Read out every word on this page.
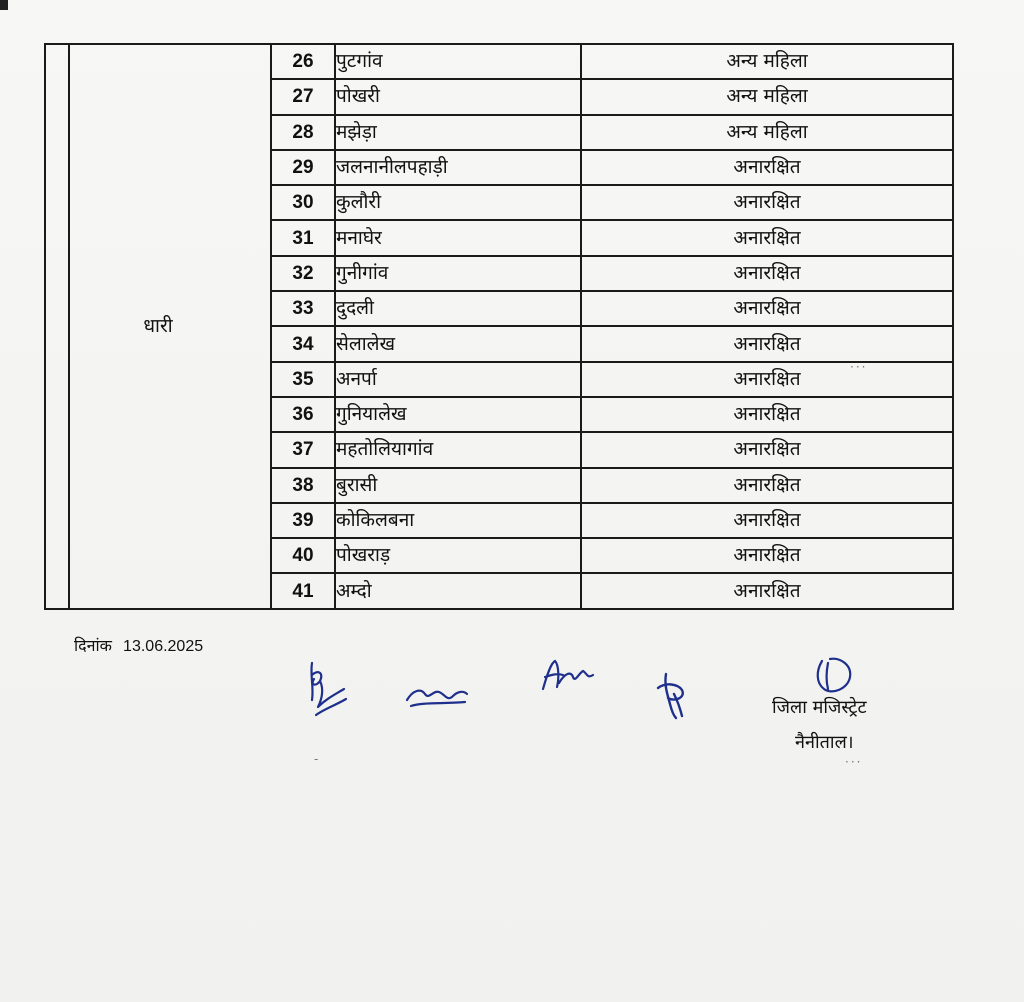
धारी	26	पुटगांव	अन्य महिला
	27	पोखरी	अन्य महिला
	28	मझेड़ा	अन्य महिला
	29	जलनानीलपहाड़ी	अनारक्षित
	30	कुलौरी	अनारक्षित
	31	मनाघेर	अनारक्षित
	32	गुनीगांव	अनारक्षित
	33	दुदली	अनारक्षित
	34	सेलालेख	अनारक्षित
	35	अनर्पा	अनारक्षित
	36	गुनियालेख	अनारक्षित
	37	महतोलियागांव	अनारक्षित
	38	बुरासी	अनारक्षित
	39	कोकिलबना	अनारक्षित
	40	पोखराड़	अनारक्षित
	41	अम्दो	अनारक्षित
दिनांक 13.06.2025
जिला मजिस्ट्रेट
नैनीताल।
···
···
-
